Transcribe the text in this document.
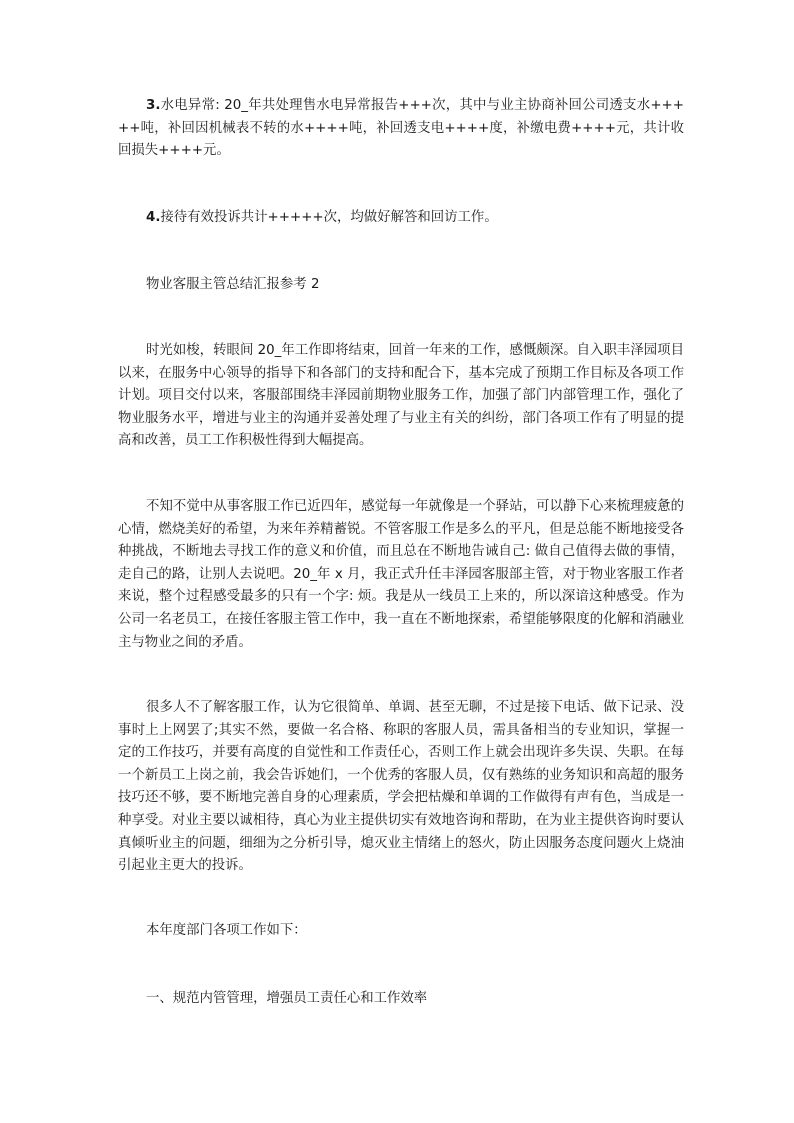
3.水电异常: 20_年共处理售水电异常报告+++次，其中与业主协商补回公司透支水+++++吨，补回因机械表不转的水++++吨，补回透支电++++度，补缴电费++++元，共计收回损失++++元。

4.接待有效投诉共计+++++次，均做好解答和回访工作。

物业客服主管总结汇报参考 2

时光如梭，转眼间 20_年工作即将结束，回首一年来的工作，感慨颇深。自入职丰泽园项目以来，在服务中心领导的指导下和各部门的支持和配合下，基本完成了预期工作目标及各项工作计划。项目交付以来，客服部围绕丰泽园前期物业服务工作，加强了部门内部管理工作，强化了物业服务水平，增进与业主的沟通并妥善处理了与业主有关的纠纷，部门各项工作有了明显的提高和改善，员工工作积极性得到大幅提高。

不知不觉中从事客服工作已近四年，感觉每一年就像是一个驿站，可以静下心来梳理疲惫的心情，燃烧美好的希望，为来年养精蓄锐。不管客服工作是多么的平凡，但是总能不断地接受各种挑战，不断地去寻找工作的意义和价值，而且总在不断地告诫自己: 做自己值得去做的事情，走自己的路，让别人去说吧。20_年 x 月，我正式升任丰泽园客服部主管，对于物业客服工作者来说，整个过程感受最多的只有一个字: 烦。我是从一线员工上来的，所以深谙这种感受。作为公司一名老员工，在接任客服主管工作中，我一直在不断地探索，希望能够限度的化解和消融业主与物业之间的矛盾。

很多人不了解客服工作，认为它很简单、单调、甚至无聊，不过是接下电话、做下记录、没事时上上网罢了;其实不然，要做一名合格、称职的客服人员，需具备相当的专业知识，掌握一定的工作技巧，并要有高度的自觉性和工作责任心，否则工作上就会出现许多失误、失职。在每一个新员工上岗之前，我会告诉她们，一个优秀的客服人员，仅有熟练的业务知识和高超的服务技巧还不够，要不断地完善自身的心理素质，学会把枯燥和单调的工作做得有声有色，当成是一种享受。对业主要以诚相待，真心为业主提供切实有效地咨询和帮助，在为业主提供咨询时要认真倾听业主的问题，细细为之分析引导，熄灭业主情绪上的怒火，防止因服务态度问题火上烧油引起业主更大的投诉。

本年度部门各项工作如下：

一、规范内管管理，增强员工责任心和工作效率
